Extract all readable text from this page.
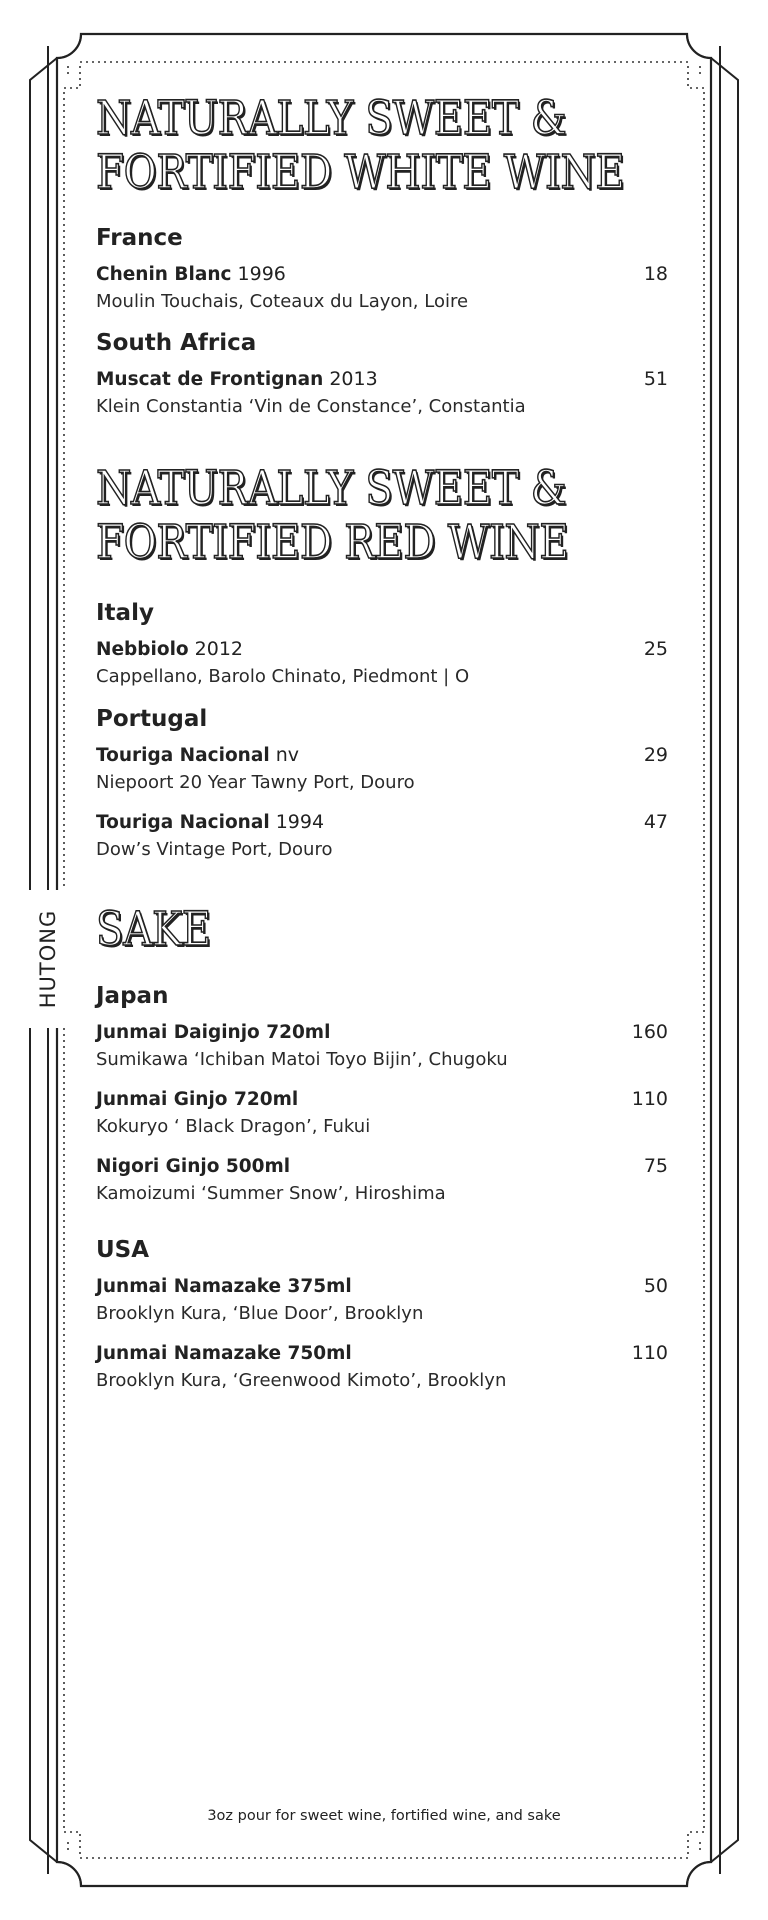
HUTONG
NATURALLY SWEET &
FORTIFIED WHITE WINE
France
Chenin Blanc 1996	18
Moulin Touchais, Coteaux du Layon, Loire
South Africa
Muscat de Frontignan 2013	51
Klein Constantia ‘Vin de Constance’, Constantia
NATURALLY SWEET &
FORTIFIED RED WINE
Italy
Nebbiolo 2012	25
Cappellano, Barolo Chinato, Piedmont | O
Portugal
Touriga Nacional nv	29
Niepoort 20 Year Tawny Port, Douro
Touriga Nacional 1994	47
Dow’s Vintage Port, Douro
SAKE
Japan
Junmai Daiginjo 720ml	160
Sumikawa ‘Ichiban Matoi Toyo Bijin’, Chugoku
Junmai Ginjo 720ml	110
Kokuryo ‘ Black Dragon’, Fukui
Nigori Ginjo 500ml	75
Kamoizumi ‘Summer Snow’, Hiroshima
USA
Junmai Namazake 375ml	50
Brooklyn Kura, ‘Blue Door’, Brooklyn
Junmai Namazake 750ml	110
Brooklyn Kura, ‘Greenwood Kimoto’, Brooklyn
3oz pour for sweet wine, fortified wine, and sake
